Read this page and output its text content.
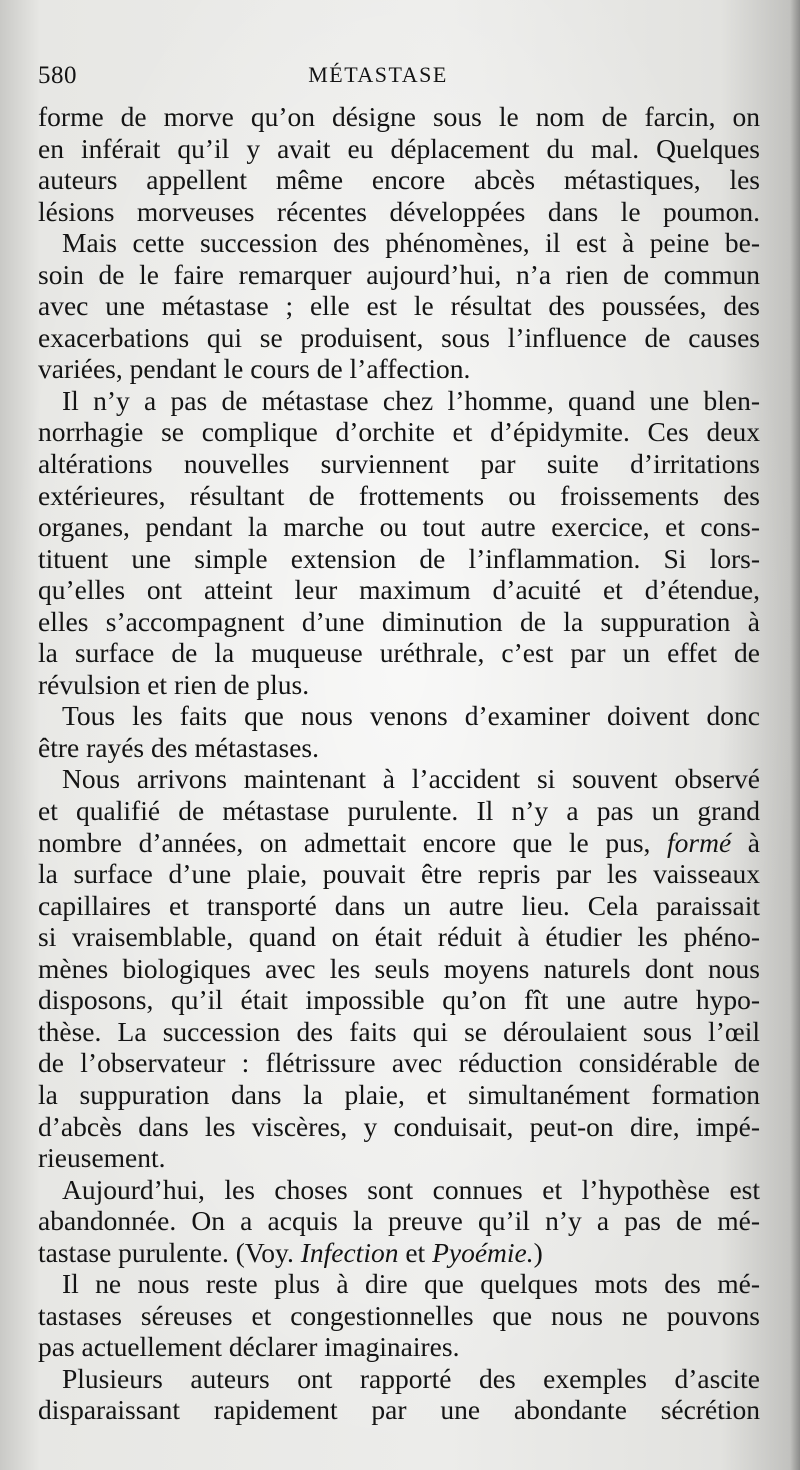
580	MÉTASTASE
forme de morve qu’on désigne sous le nom de farcin, on
en inférait qu’il y avait eu déplacement du mal. Quelques
auteurs appellent même encore abcès métastiques, les
lésions morveuses récentes développées dans le poumon.
Mais cette succession des phénomènes, il est à peine be-
soin de le faire remarquer aujourd’hui, n’a rien de commun
avec une métastase ; elle est le résultat des poussées, des
exacerbations qui se produisent, sous l’influence de causes
variées, pendant le cours de l’affection.
Il n’y a pas de métastase chez l’homme, quand une blen-
norrhagie se complique d’orchite et d’épidymite. Ces deux
altérations nouvelles surviennent par suite d’irritations
extérieures, résultant de frottements ou froissements des
organes, pendant la marche ou tout autre exercice, et cons-
tituent une simple extension de l’inflammation. Si lors-
qu’elles ont atteint leur maximum d’acuité et d’étendue,
elles s’accompagnent d’une diminution de la suppuration à
la surface de la muqueuse uréthrale, c’est par un effet de
révulsion et rien de plus.
Tous les faits que nous venons d’examiner doivent donc
être rayés des métastases.
Nous arrivons maintenant à l’accident si souvent observé
et qualifié de métastase purulente. Il n’y a pas un grand
nombre d’années, on admettait encore que le pus, formé à
la surface d’une plaie, pouvait être repris par les vaisseaux
capillaires et transporté dans un autre lieu. Cela paraissait
si vraisemblable, quand on était réduit à étudier les phéno-
mènes biologiques avec les seuls moyens naturels dont nous
disposons, qu’il était impossible qu’on fît une autre hypo-
thèse. La succession des faits qui se déroulaient sous l’œil
de l’observateur : flétrissure avec réduction considérable de
la suppuration dans la plaie, et simultanément formation
d’abcès dans les viscères, y conduisait, peut-on dire, impé-
rieusement.
Aujourd’hui, les choses sont connues et l’hypothèse est
abandonnée. On a acquis la preuve qu’il n’y a pas de mé-
tastase purulente. (Voy. Infection et Pyoémie.)
Il ne nous reste plus à dire que quelques mots des mé-
tastases séreuses et congestionnelles que nous ne pouvons
pas actuellement déclarer imaginaires.
Plusieurs auteurs ont rapporté des exemples d’ascite
disparaissant rapidement par une abondante sécrétion
